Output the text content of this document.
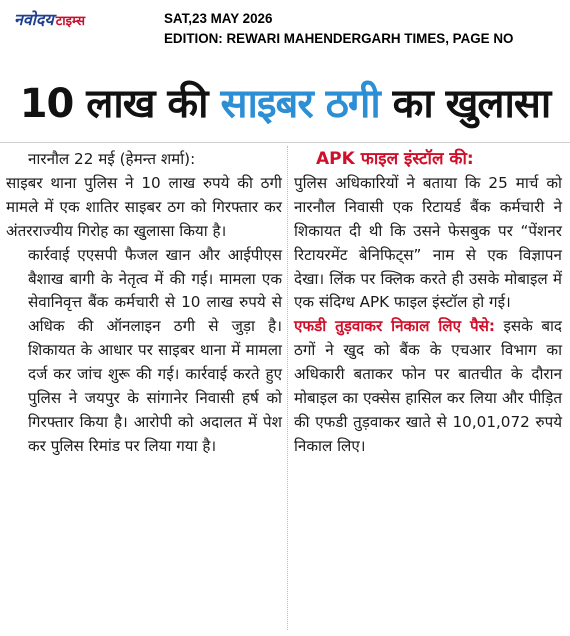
नवोदय टाइम्स	SAT,23 MAY 2026
EDITION: REWARI MAHENDERGARH TIMES, PAGE NO
10 लाख की साइबर ठगी का खुलासा

नारनौल 22 मई (हेमन्त शर्मा):

साइबर थाना पुलिस ने 10 लाख रुपये की ठगी मामले में एक शातिर साइबर ठग को गिरफ्तार कर अंतरराज्यीय गिरोह का खुलासा किया है।

कार्रवाई एएसपी फैजल खान और आईपीएस बैशाख बागी के नेतृत्व में की गई। मामला एक सेवानिवृत्त बैंक कर्मचारी से 10 लाख रुपये से अधिक की ऑनलाइन ठगी से जुड़ा है। शिकायत के आधार पर साइबर थाना में मामला दर्ज कर जांच शुरू की गई। कार्रवाई करते हुए पुलिस ने जयपुर के सांगानेर निवासी हर्ष को गिरफ्तार किया है। आरोपी को अदालत में पेश कर पुलिस रिमांड पर लिया गया है।

APK फाइल इंस्टॉल की:

पुलिस अधिकारियों ने बताया कि 25 मार्च को नारनौल निवासी एक रिटायर्ड बैंक कर्मचारी ने शिकायत दी थी कि उसने फेसबुक पर “पेंशनर रिटायरमेंट बेनिफिट्स” नाम से एक विज्ञापन देखा। लिंक पर क्लिक करते ही उसके मोबाइल में एक संदिग्ध APK फाइल इंस्टॉल हो गई।

एफडी तुड़वाकर निकाल लिए पैसे: इसके बाद ठगों ने खुद को बैंक के एचआर विभाग का अधिकारी बताकर फोन पर बातचीत के दौरान मोबाइल का एक्सेस हासिल कर लिया और पीड़ित की एफडी तुड़वाकर खाते से 10,01,072 रुपये निकाल लिए।
